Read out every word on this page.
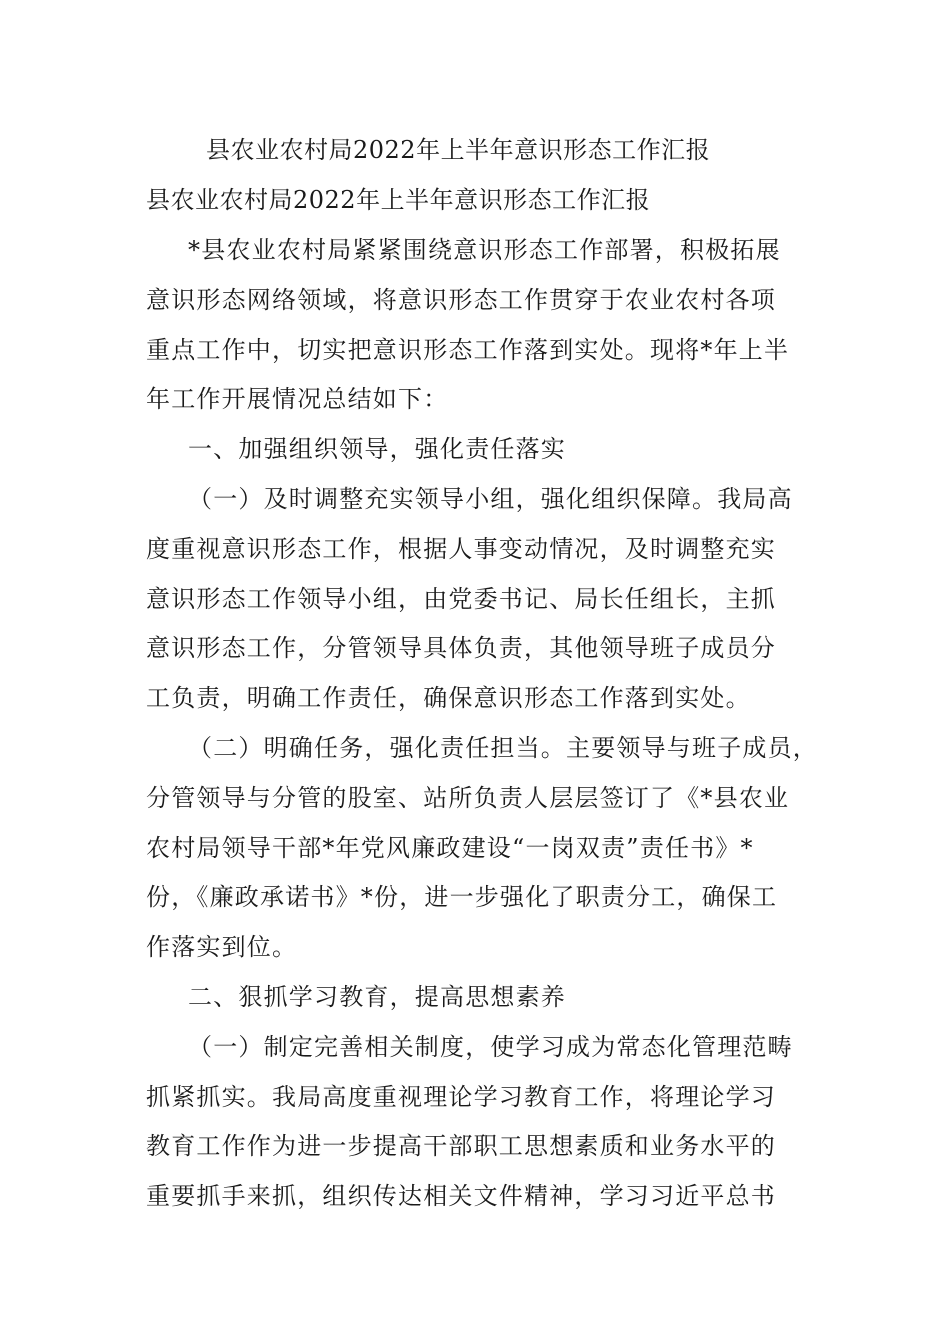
县农业农村局2022年上半年意识形态工作汇报
县农业农村局2022年上半年意识形态工作汇报
*县农业农村局紧紧围绕意识形态工作部署，积极拓展
意识形态网络领域，将意识形态工作贯穿于农业农村各项
重点工作中，切实把意识形态工作落到实处。现将*年上半
年工作开展情况总结如下：
一、加强组织领导，强化责任落实
（一）及时调整充实领导小组，强化组织保障。我局高
度重视意识形态工作，根据人事变动情况，及时调整充实
意识形态工作领导小组，由党委书记、局长任组长，主抓
意识形态工作，分管领导具体负责，其他领导班子成员分
工负责，明确工作责任，确保意识形态工作落到实处。
（二）明确任务，强化责任担当。主要领导与班子成员，
分管领导与分管的股室、站所负责人层层签订了《*县农业
农村局领导干部*年党风廉政建设“一岗双责”责任书》*
份，《廉政承诺书》*份，进一步强化了职责分工，确保工
作落实到位。
二、狠抓学习教育，提高思想素养
（一）制定完善相关制度，使学习成为常态化管理范畴
抓紧抓实。我局高度重视理论学习教育工作，将理论学习
教育工作作为进一步提高干部职工思想素质和业务水平的
重要抓手来抓，组织传达相关文件精神，学习习近平总书
